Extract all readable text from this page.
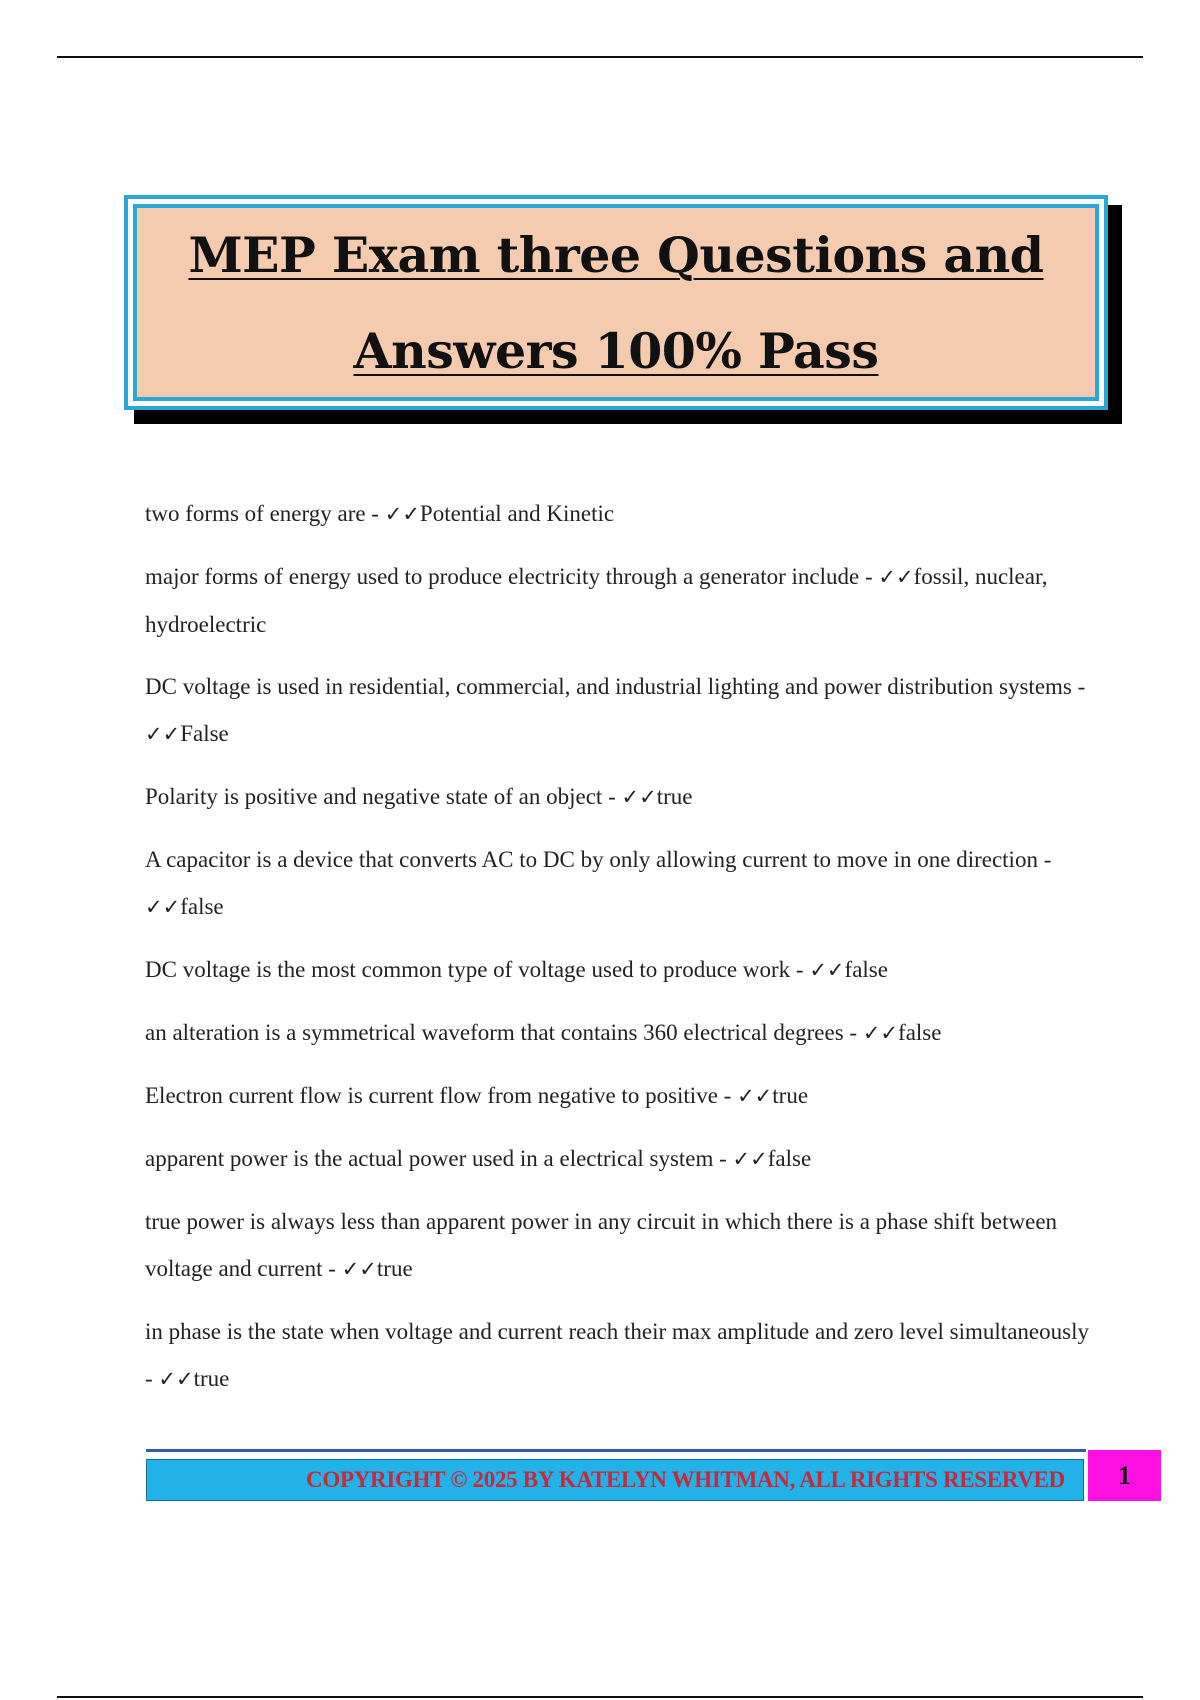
MEP Exam three Questions and
Answers 100% Pass
two forms of energy are - ✓✓Potential and Kinetic
major forms of energy used to produce electricity through a generator include - ✓✓fossil, nuclear, hydroelectric
DC voltage is used in residential, commercial, and industrial lighting and power distribution systems - ✓✓False
Polarity is positive and negative state of an object - ✓✓true
A capacitor is a device that converts AC to DC by only allowing current to move in one direction - ✓✓false
DC voltage is the most common type of voltage used to produce work - ✓✓false
an alteration is a symmetrical waveform that contains 360 electrical degrees - ✓✓false
Electron current flow is current flow from negative to positive - ✓✓true
apparent power is the actual power used in a electrical system - ✓✓false
true power is always less than apparent power in any circuit in which there is a phase shift between voltage and current - ✓✓true
in phase is the state when voltage and current reach their max amplitude and zero level simultaneously - ✓✓true
COPYRIGHT © 2025 BY KATELYN WHITMAN, ALL RIGHTS RESERVED 1
